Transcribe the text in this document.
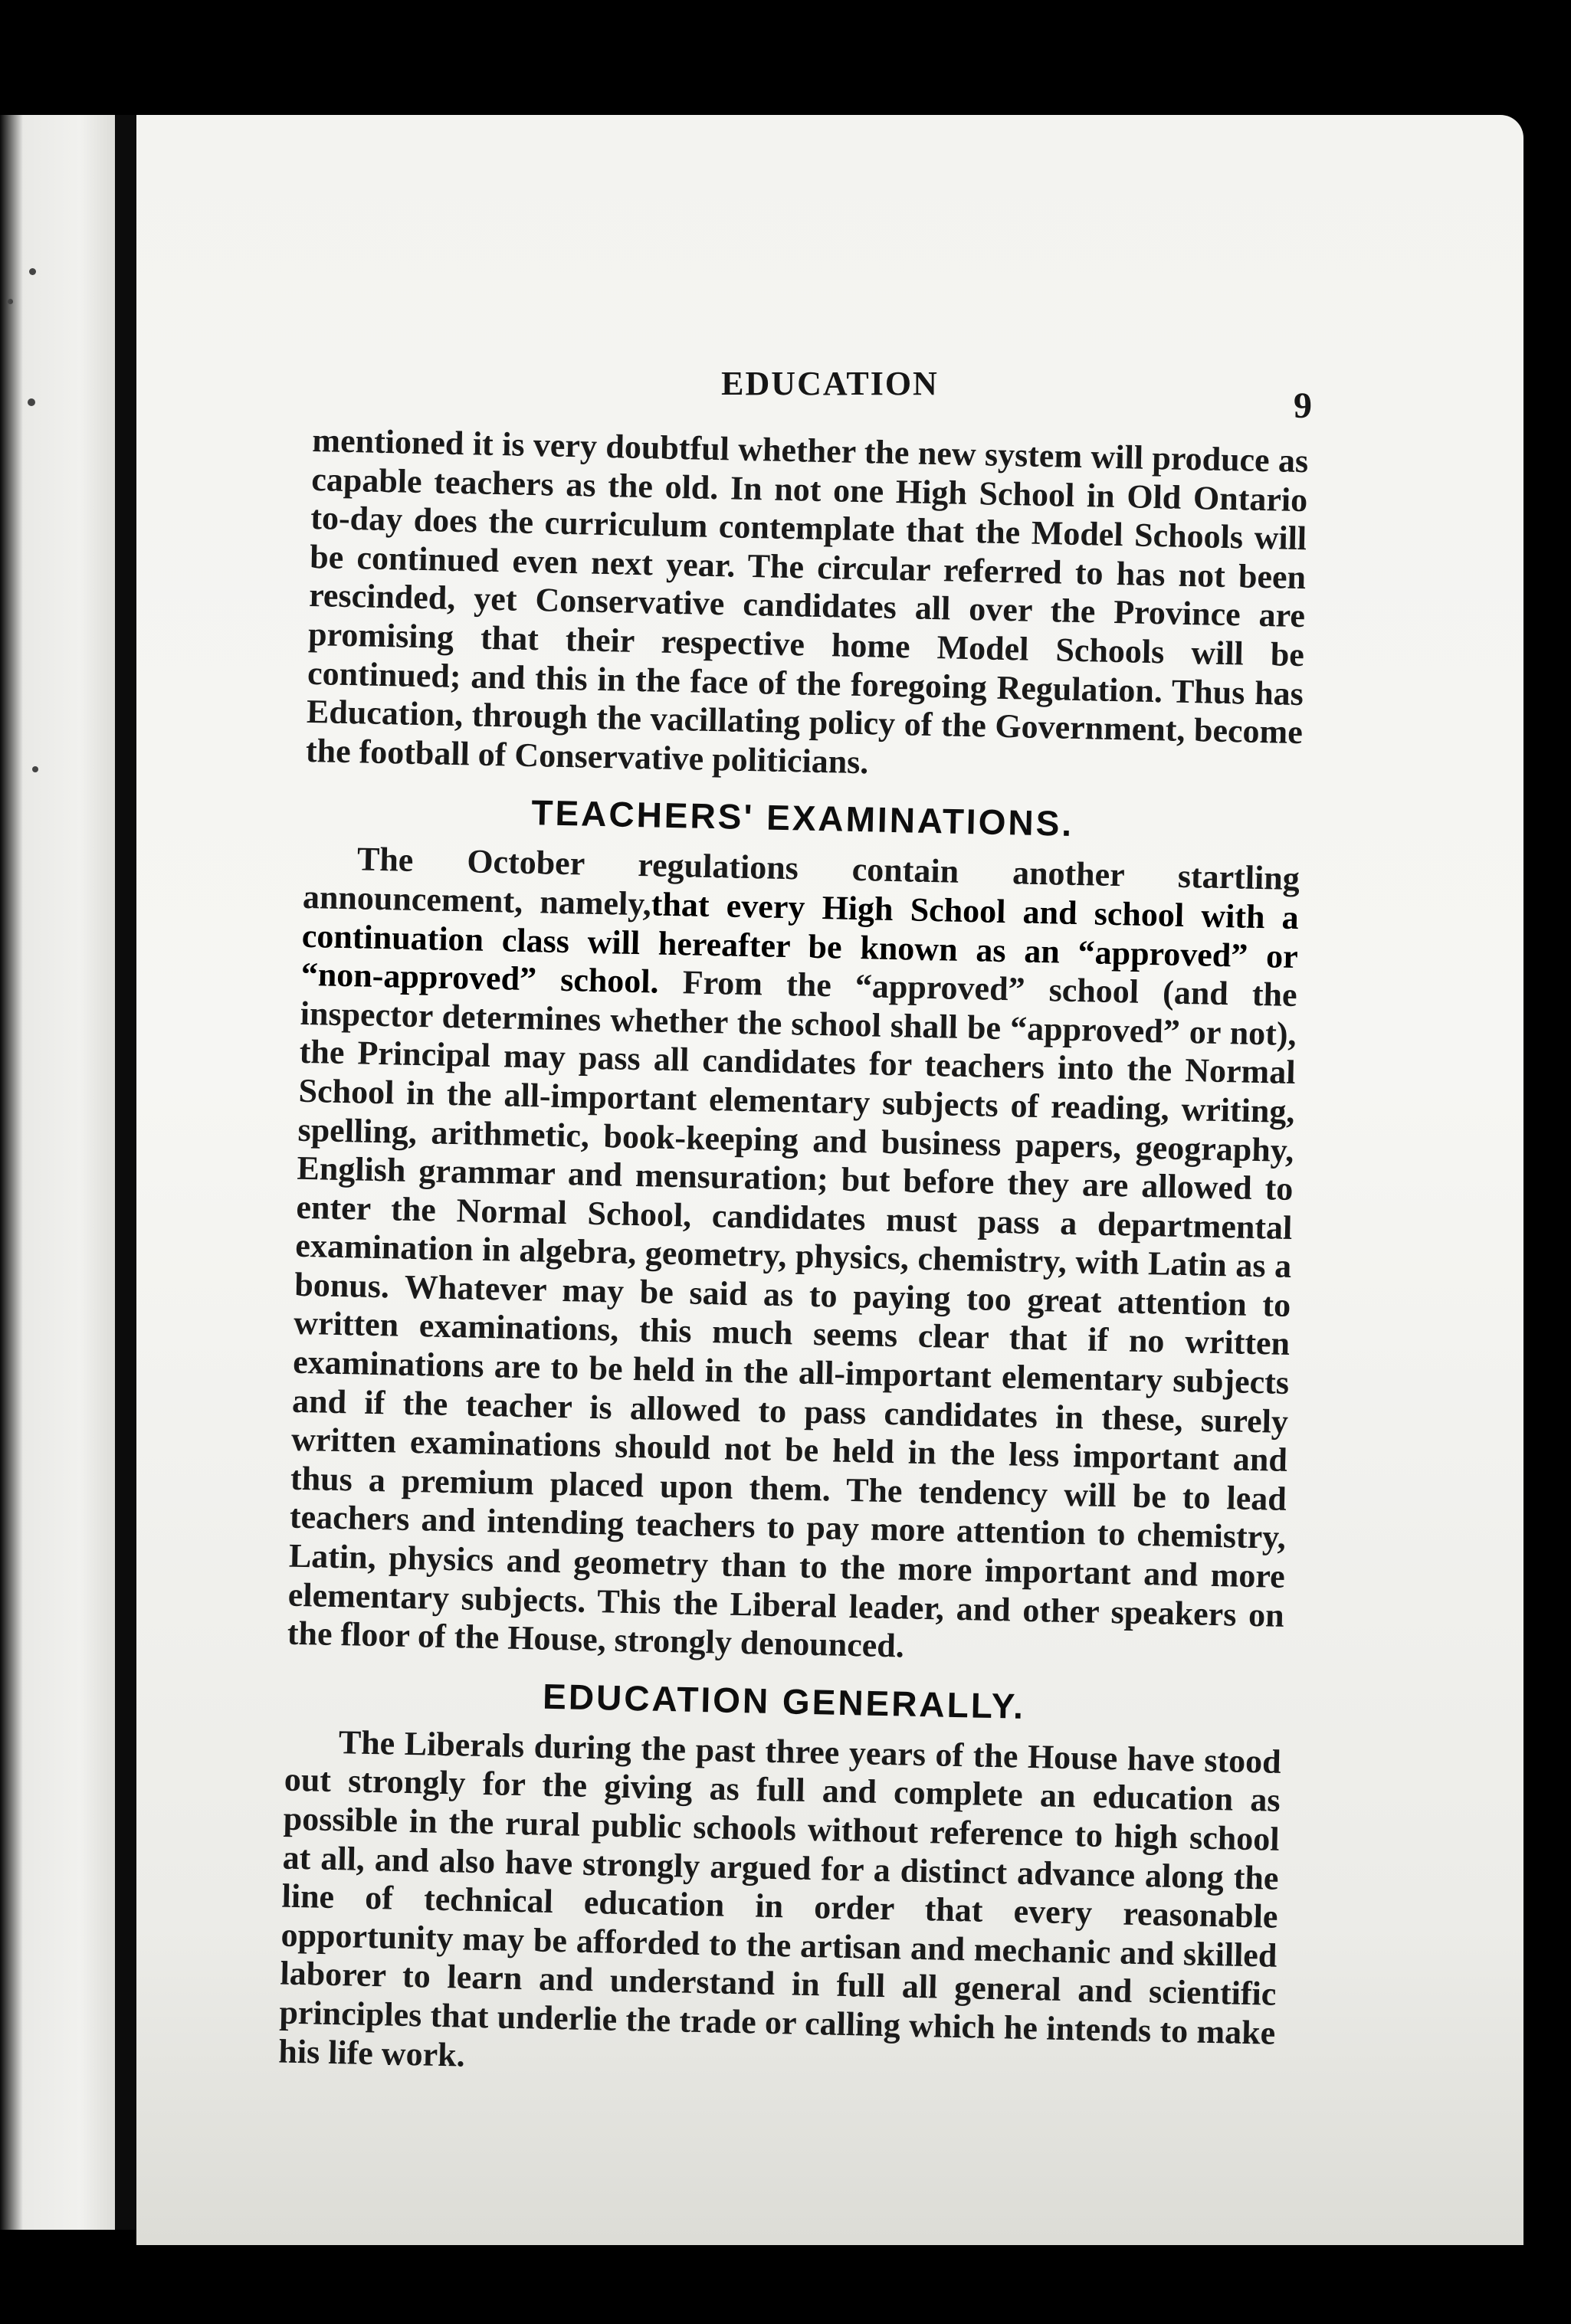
EDUCATION
9

mentioned it is very doubtful whether the new system will produce as capable teachers as the old. In not one High School in Old Ontario to-day does the curriculum contemplate that the Model Schools will be continued even next year. The circular referred to has not been rescinded, yet Conservative candidates all over the Province are promising that their respective home Model Schools will be continued; and this in the face of the foregoing Regulation. Thus has Education, through the vacillating policy of the Government, become the football of Conservative politicians.

TEACHERS' EXAMINATIONS.

The October regulations contain another startling announcement, namely,that every High School and school with a continuation class will hereafter be known as an “approved” or “non-approved” school. From the “approved” school (and the inspector determines whether the school shall be “approved” or not), the Principal may pass all candidates for teachers into the Normal School in the all-important elementary subjects of reading, writing, spelling, arithmetic, book-keeping and business papers, geography, English grammar and mensuration; but before they are allowed to enter the Normal School, candidates must pass a departmental examination in algebra, geometry, physics, chemistry, with Latin as a bonus. Whatever may be said as to paying too great attention to written examinations, this much seems clear that if no written examinations are to be held in the all-important elementary subjects and if the teacher is allowed to pass candidates in these, surely written examinations should not be held in the less important and thus a premium placed upon them. The tendency will be to lead teachers and intending teachers to pay more attention to chemistry, Latin, physics and geometry than to the more important and more elementary subjects. This the Liberal leader, and other speakers on the floor of the House, strongly denounced.

EDUCATION GENERALLY.

The Liberals during the past three years of the House have stood out strongly for the giving as full and complete an education as possible in the rural public schools without reference to high school at all, and also have strongly argued for a distinct advance along the line of technical education in order that every reasonable opportunity may be afforded to the artisan and mechanic and skilled laborer to learn and understand in full all general and scientific principles that underlie the trade or calling which he intends to make his life work.
